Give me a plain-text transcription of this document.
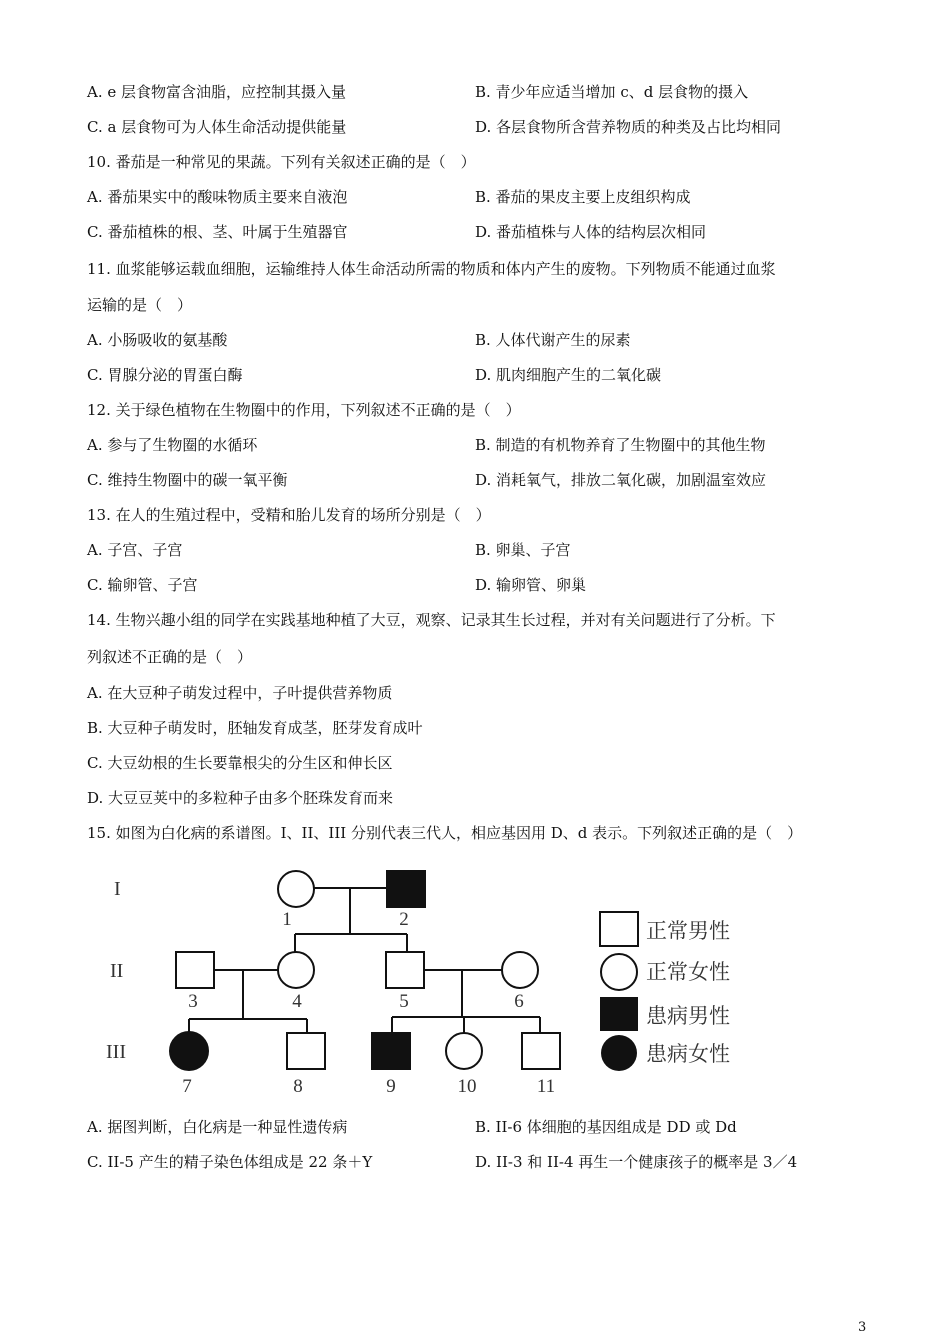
A. e 层食物富含油脂，应控制其摄入量	B. 青少年应适当增加 c、d 层食物的摄入
C. a 层食物可为人体生命活动提供能量	D. 各层食物所含营养物质的种类及占比均相同
10. 番茄是一种常见的果蔬。下列有关叙述正确的是（　）
A. 番茄果实中的酸味物质主要来自液泡	B. 番茄的果皮主要上皮组织构成
C. 番茄植株的根、茎、叶属于生殖器官	D. 番茄植株与人体的结构层次相同
11. 血浆能够运载血细胞，运输维持人体生命活动所需的物质和体内产生的废物。下列物质不能通过血浆
运输的是（　）
A. 小肠吸收的氨基酸	B. 人体代谢产生的尿素
C. 胃腺分泌的胃蛋白酶	D. 肌肉细胞产生的二氧化碳
12. 关于绿色植物在生物圈中的作用，下列叙述不正确的是（　）
A. 参与了生物圈的水循环	B. 制造的有机物养育了生物圈中的其他生物
C. 维持生物圈中的碳一氧平衡	D. 消耗氧气，排放二氧化碳，加剧温室效应
13. 在人的生殖过程中，受精和胎儿发育的场所分别是（　）
A. 子宫、子宫	B. 卵巢、子宫
C. 输卵管、子宫	D. 输卵管、卵巢
14. 生物兴趣小组的同学在实践基地种植了大豆，观察、记录其生长过程，并对有关问题进行了分析。下
列叙述不正确的是（　）
A. 在大豆种子萌发过程中，子叶提供营养物质
B. 大豆种子萌发时，胚轴发育成茎，胚芽发育成叶
C. 大豆幼根的生长要靠根尖的分生区和伸长区
D. 大豆豆荚中的多粒种子由多个胚珠发育而来
15. 如图为白化病的系谱图。I、II、III 分别代表三代人，相应基因用 D、d 表示。下列叙述正确的是（　）
I
II
III
1	2
3	4	5	6
7	8	9	10	11
正常男性
正常女性
患病男性
患病女性
A. 据图判断，白化病是一种显性遗传病	B. II-6 体细胞的基因组成是 DD 或 Dd
C. II-5 产生的精子染色体组成是 22 条＋Y	D. II-3 和 II-4 再生一个健康孩子的概率是 3／4
3
